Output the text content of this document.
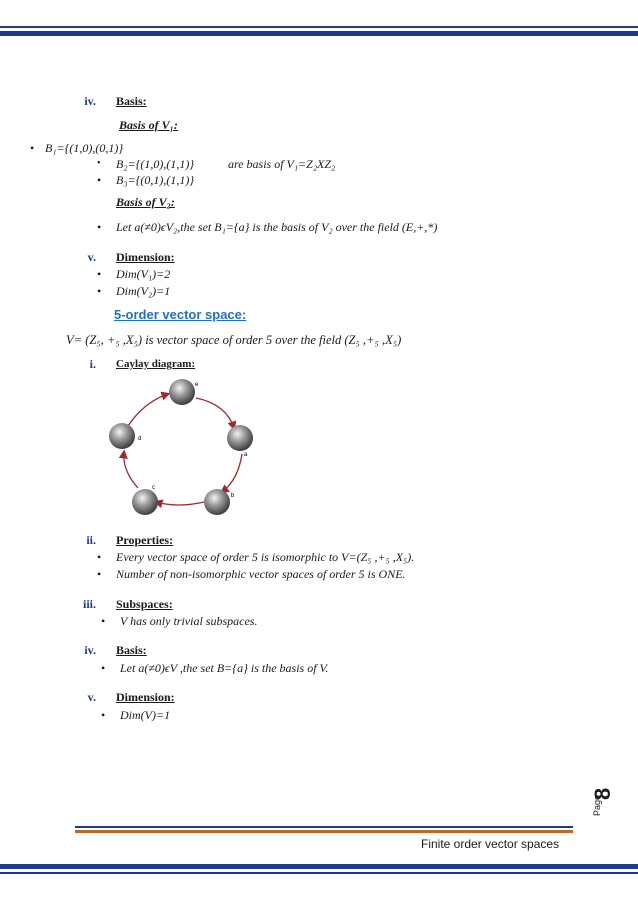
iv. Basis:
Basis of V₁:
• B₁={(1,0),(0,1)}
• B₂={(1,0),(1,1)}	are basis of V₁=Z₂XZ₂
• B₃={(0,1),(1,1)}
Basis of V₂:
• Let a(≠0)ϵV₂,the set B₁={a} is the basis of V₂ over the field (E,+,*)
v. Dimension:
• Dim(V₁)=2
• Dim(V₂)=1
5-order vector space:
V= (Z₅, +₅ ,X₅) is vector space of order 5 over the field (Z₅ ,+₅ ,X₅)
i. Caylay diagram:
e
a
b
c
d
ii. Properties:
• Every vector space of order 5 is isomorphic to V=(Z₅ ,+₅ ,X₅).
• Number of non-isomorphic vector spaces of order 5 is ONE.
iii. Subspaces:
• V has only trivial subspaces.
iv. Basis:
• Let a(≠0)ϵV ,the set B={a} is the basis of V.
v. Dimension:
• Dim(V)=1
Page
8
Finite order vector spaces
